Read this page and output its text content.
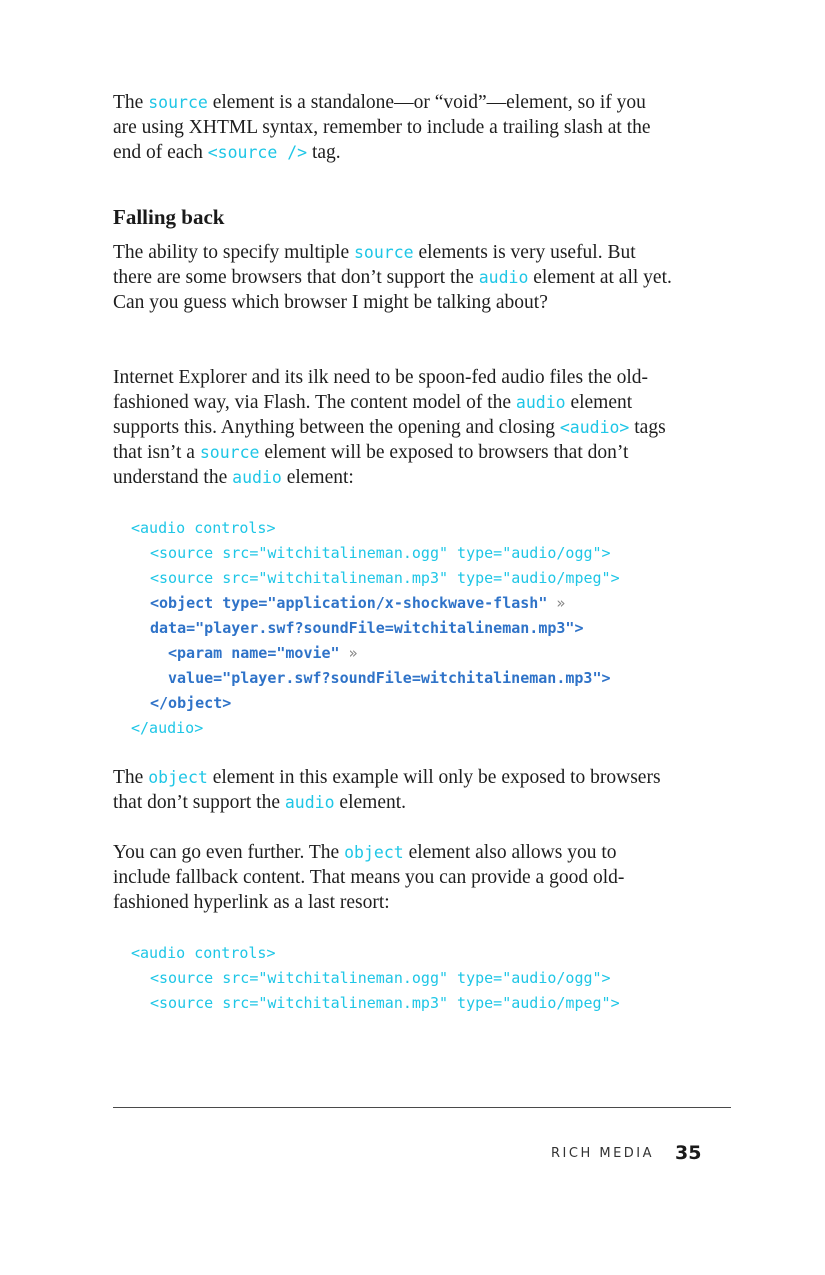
The source element is a standalone—or “void”—element, so if you are using XHTML syntax, remember to include a trailing slash at the end of each <source /> tag.

Falling back

The ability to specify multiple source elements is very useful. But there are some browsers that don’t support the audio element at all yet. Can you guess which browser I might be talking about?

Internet Explorer and its ilk need to be spoon-fed audio files the old-fashioned way, via Flash. The content model of the audio element supports this. Anything between the opening and closing <audio> tags that isn’t a source element will be exposed to browsers that don’t understand the audio element:

<audio controls>
<source src="witchitalineman.ogg" type="audio/ogg">
<source src="witchitalineman.mp3" type="audio/mpeg">
<object type="application/x-shockwave-flash" »
data="player.swf?soundFile=witchitalineman.mp3">
<param name="movie" »
value="player.swf?soundFile=witchitalineman.mp3">
</object>
</audio>

The object element in this example will only be exposed to browsers that don’t support the audio element.

You can go even further. The object element also allows you to include fallback content. That means you can provide a good old-fashioned hyperlink as a last resort:

<audio controls>
<source src="witchitalineman.ogg" type="audio/ogg">
<source src="witchitalineman.mp3" type="audio/mpeg">
RICH MEDIA 35
